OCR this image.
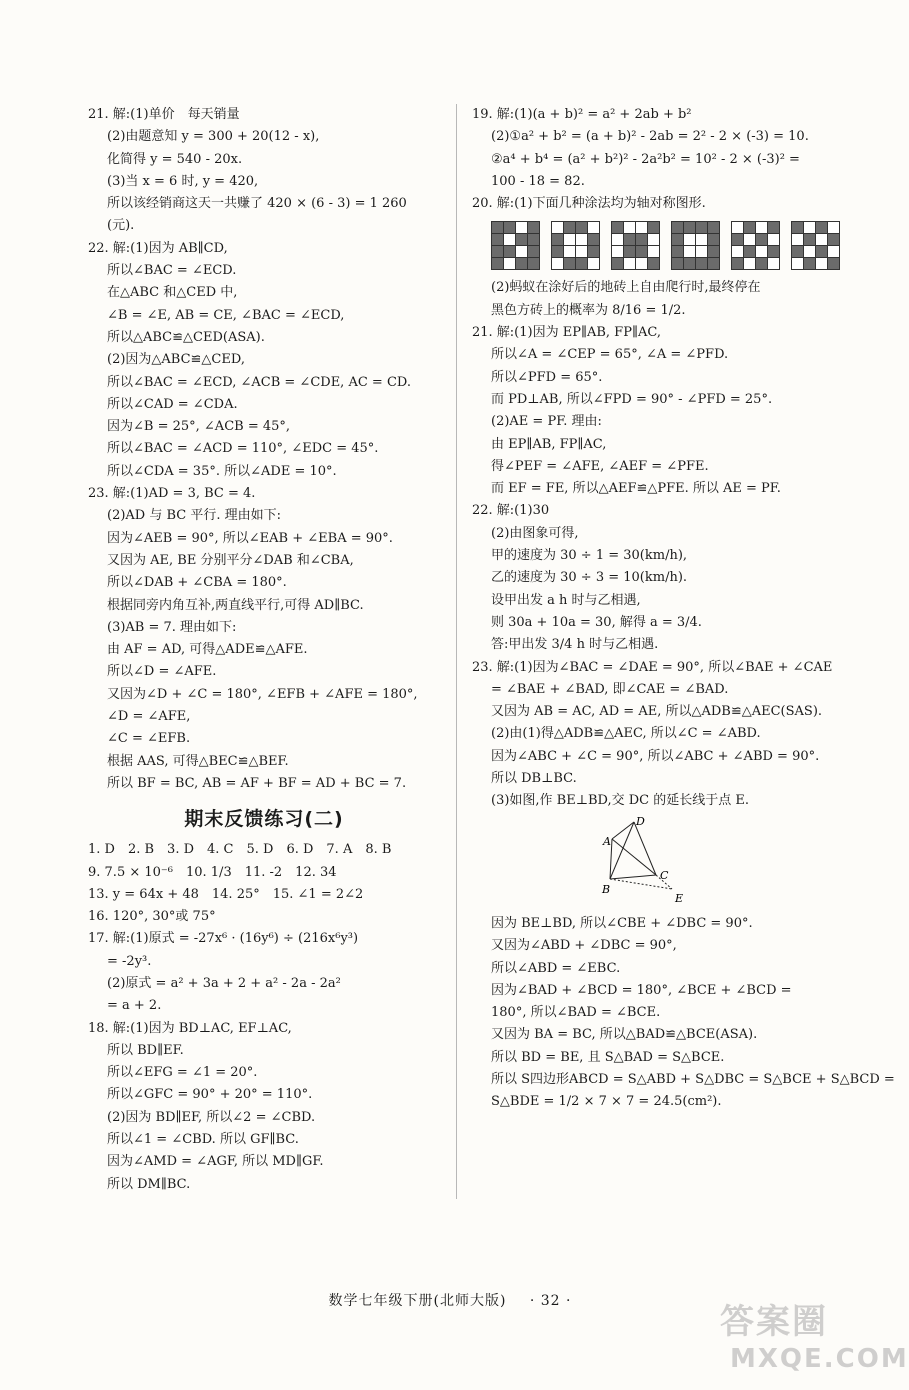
21. 解:(1)单价　每天销量
(2)由题意知 y = 300 + 20(12 - x),
化简得 y = 540 - 20x.
(3)当 x = 6 时, y = 420,
所以该经销商这天一共赚了 420 × (6 - 3) = 1 260
(元).
22. 解:(1)因为 AB∥CD,
所以∠BAC = ∠ECD.
在△ABC 和△CED 中,
∠B = ∠E, AB = CE, ∠BAC = ∠ECD,
所以△ABC≌△CED(ASA).
(2)因为△ABC≌△CED,
所以∠BAC = ∠ECD, ∠ACB = ∠CDE, AC = CD.
所以∠CAD = ∠CDA.
因为∠B = 25°, ∠ACB = 45°,
所以∠BAC = ∠ACD = 110°, ∠EDC = 45°.
所以∠CDA = 35°. 所以∠ADE = 10°.
23. 解:(1)AD = 3, BC = 4.
(2)AD 与 BC 平行. 理由如下:
因为∠AEB = 90°, 所以∠EAB + ∠EBA = 90°.
又因为 AE, BE 分别平分∠DAB 和∠CBA,
所以∠DAB + ∠CBA = 180°.
根据同旁内角互补,两直线平行,可得 AD∥BC.
(3)AB = 7. 理由如下:
由 AF = AD, 可得△ADE≌△AFE.
所以∠D = ∠AFE.
又因为∠D + ∠C = 180°, ∠EFB + ∠AFE = 180°,
∠D = ∠AFE,
∠C = ∠EFB.
根据 AAS, 可得△BEC≌△BEF.
所以 BF = BC, AB = AF + BF = AD + BC = 7.
期末反馈练习(二)
1. D　2. B　3. D　4. C　5. D　6. D　7. A　8. B
9. 7.5 × 10⁻⁶　10. 1/3　11. -2　12. 34
13. y = 64x + 48　14. 25°　15. ∠1 = 2∠2
16. 120°, 30°或 75°
17. 解:(1)原式 = -27x⁶ · (16y⁶) ÷ (216x⁶y³)
= -2y³.
(2)原式 = a² + 3a + 2 + a² - 2a - 2a²
= a + 2.
18. 解:(1)因为 BD⊥AC, EF⊥AC,
所以 BD∥EF.
所以∠EFG = ∠1 = 20°.
所以∠GFC = 90° + 20° = 110°.
(2)因为 BD∥EF, 所以∠2 = ∠CBD.
所以∠1 = ∠CBD. 所以 GF∥BC.
因为∠AMD = ∠AGF, 所以 MD∥GF.
所以 DM∥BC.
19. 解:(1)(a + b)² = a² + 2ab + b²
(2)①a² + b² = (a + b)² - 2ab = 2² - 2 × (-3) = 10.
②a⁴ + b⁴ = (a² + b²)² - 2a²b² = 10² - 2 × (-3)² =
100 - 18 = 82.
20. 解:(1)下面几种涂法均为轴对称图形.
(2)蚂蚁在涂好后的地砖上自由爬行时,最终停在
黑色方砖上的概率为 8/16 = 1/2.
21. 解:(1)因为 EP∥AB, FP∥AC,
所以∠A = ∠CEP = 65°, ∠A = ∠PFD.
所以∠PFD = 65°.
而 PD⊥AB, 所以∠FPD = 90° - ∠PFD = 25°.
(2)AE = PF. 理由:
由 EP∥AB, FP∥AC,
得∠PEF = ∠AFE, ∠AEF = ∠PFE.
而 EF = FE, 所以△AEF≌△PFE. 所以 AE = PF.
22. 解:(1)30
(2)由图象可得,
甲的速度为 30 ÷ 1 = 30(km/h),
乙的速度为 30 ÷ 3 = 10(km/h).
设甲出发 a h 时与乙相遇,
则 30a + 10a = 30, 解得 a = 3/4.
答:甲出发 3/4 h 时与乙相遇.
23. 解:(1)因为∠BAC = ∠DAE = 90°, 所以∠BAE + ∠CAE
= ∠BAE + ∠BAD, 即∠CAE = ∠BAD.
又因为 AB = AC, AD = AE, 所以△ADB≌△AEC(SAS).
(2)由(1)得△ADB≌△AEC, 所以∠C = ∠ABD.
因为∠ABC + ∠C = 90°, 所以∠ABC + ∠ABD = 90°.
所以 DB⊥BC.
(3)如图,作 BE⊥BD,交 DC 的延长线于点 E.
A
D
B
C
E
因为 BE⊥BD, 所以∠CBE + ∠DBC = 90°.
又因为∠ABD + ∠DBC = 90°,
所以∠ABD = ∠EBC.
因为∠BAD + ∠BCD = 180°, ∠BCE + ∠BCD =
180°, 所以∠BAD = ∠BCE.
又因为 BA = BC, 所以△BAD≌△BCE(ASA).
所以 BD = BE, 且 S△BAD = S△BCE.
所以 S四边形ABCD = S△ABD + S△DBC = S△BCE + S△BCD =
S△BDE = 1/2 × 7 × 7 = 24.5(cm²).
数学七年级下册(北师大版) · 32 ·
答案圈
MXQE.COM
